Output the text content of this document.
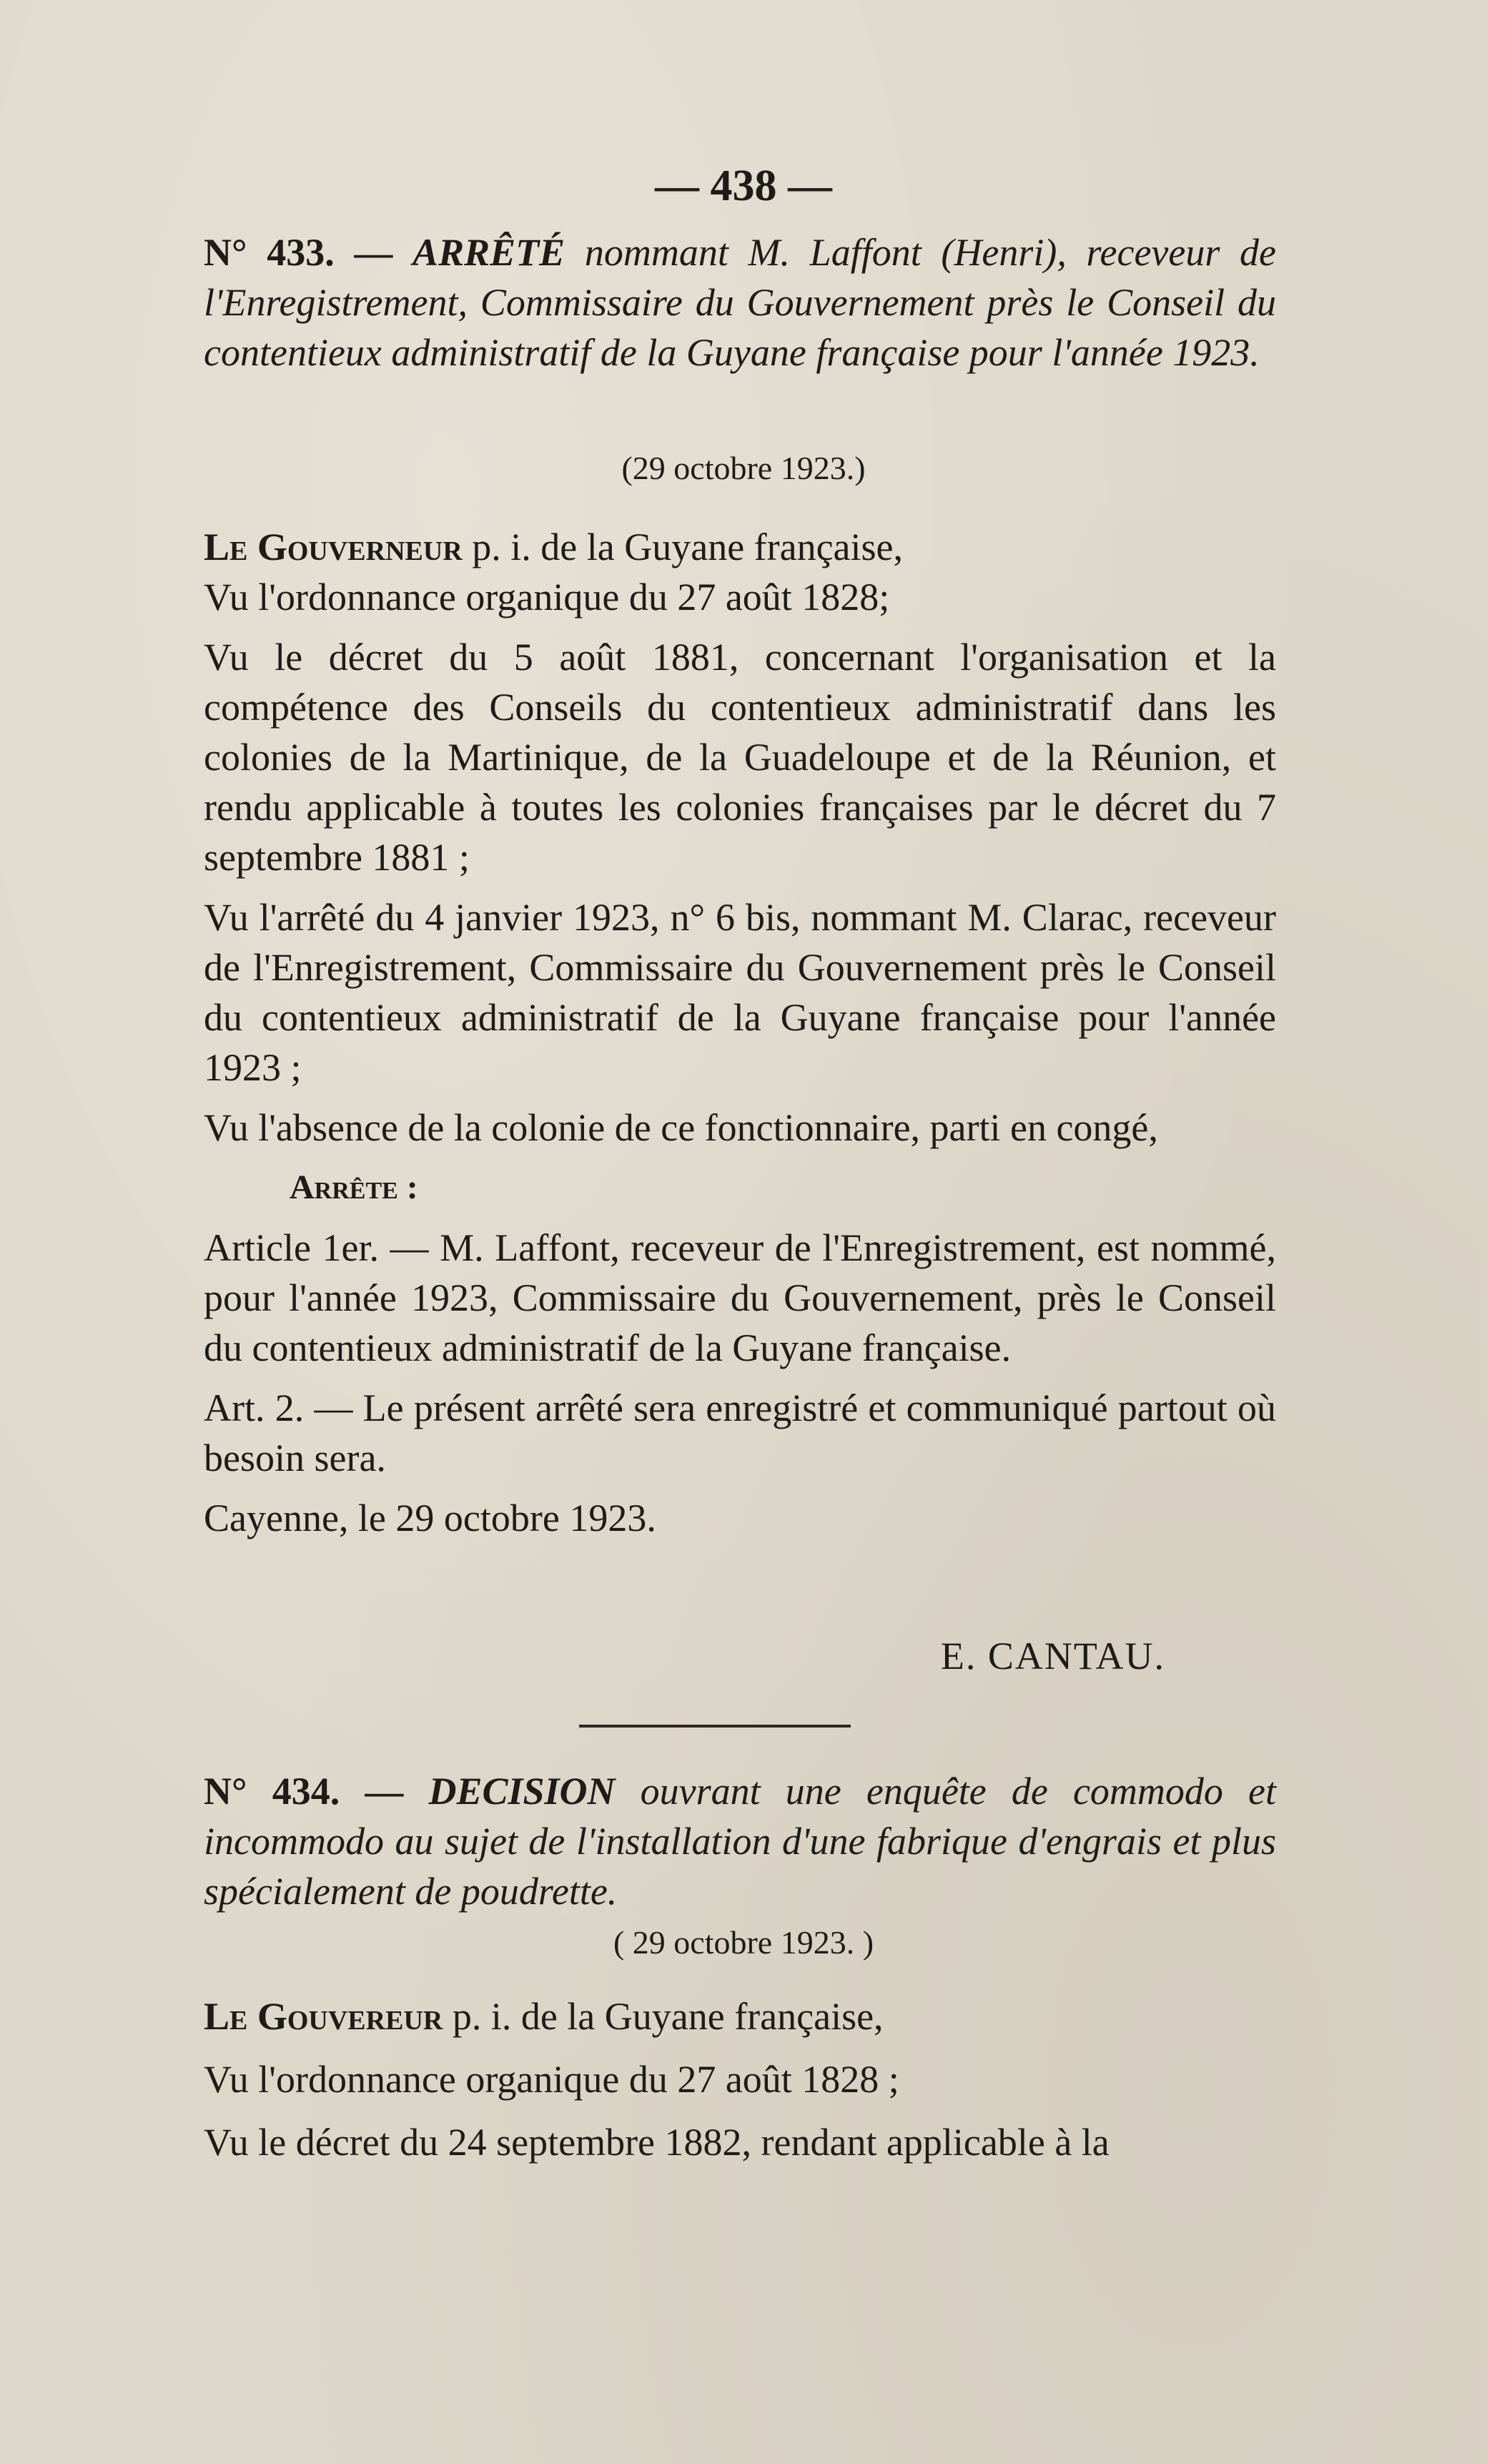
— 438 —

N° 433. — ARRÊTÉ nommant M. Laffont (Henri), receveur de l'Enregistrement, Commissaire du Gouvernement près le Conseil du contentieux administratif de la Guyane française pour l'année 1923.

(29 octobre 1923.)
Le Gouverneur p. i. de la Guyane française,
Vu l'ordonnance organique du 27 août 1828;
Vu le décret du 5 août 1881, concernant l'organisation et la compétence des Conseils du contentieux administratif dans les colonies de la Martinique, de la Guadeloupe et de la Réunion, et rendu applicable à toutes les colonies françaises par le décret du 7 septembre 1881 ;
Vu l'arrêté du 4 janvier 1923, n° 6 bis, nommant M. Clarac, receveur de l'Enregistrement, Commissaire du Gouvernement près le Conseil du contentieux administratif de la Guyane française pour l'année 1923 ;
Vu l'absence de la colonie de ce fonctionnaire, parti en congé,
Arrête :
Article 1er. — M. Laffont, receveur de l'Enregistrement, est nommé, pour l'année 1923, Commissaire du Gouvernement, près le Conseil du contentieux administratif de la Guyane française.
Art. 2. — Le présent arrêté sera enregistré et communiqué partout où besoin sera.
Cayenne, le 29 octobre 1923.
E. CANTAU.

N° 434. — DECISION ouvrant une enquête de commodo et incommodo au sujet de l'installation d'une fabrique d'engrais et plus spécialement de poudrette.

( 29 octobre 1923. )
Le Gouvereur p. i. de la Guyane française,
Vu l'ordonnance organique du 27 août 1828 ;
Vu le décret du 24 septembre 1882, rendant applicable à la
